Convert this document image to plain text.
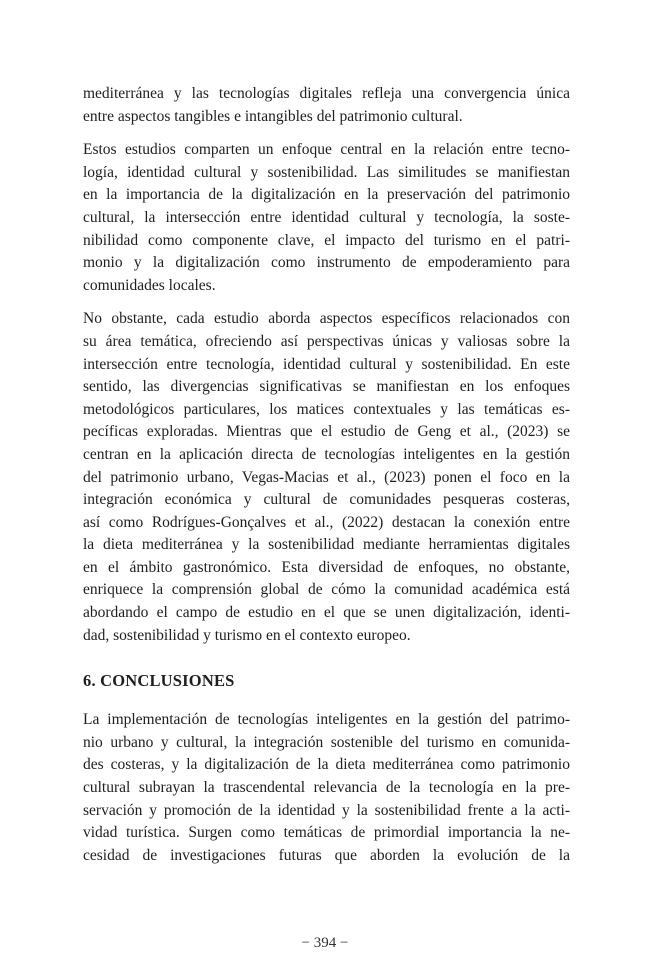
mediterránea y las tecnologías digitales refleja una convergencia única
entre aspectos tangibles e intangibles del patrimonio cultural.

Estos estudios comparten un enfoque central en la relación entre tecno-
logía, identidad cultural y sostenibilidad. Las similitudes se manifiestan
en la importancia de la digitalización en la preservación del patrimonio
cultural, la intersección entre identidad cultural y tecnología, la soste-
nibilidad como componente clave, el impacto del turismo en el patri-
monio y la digitalización como instrumento de empoderamiento para
comunidades locales.

No obstante, cada estudio aborda aspectos específicos relacionados con
su área temática, ofreciendo así perspectivas únicas y valiosas sobre la
intersección entre tecnología, identidad cultural y sostenibilidad. En este
sentido, las divergencias significativas se manifiestan en los enfoques
metodológicos particulares, los matices contextuales y las temáticas es-
pecíficas exploradas. Mientras que el estudio de Geng et al., (2023) se
centran en la aplicación directa de tecnologías inteligentes en la gestión
del patrimonio urbano, Vegas-Macias et al., (2023) ponen el foco en la
integración económica y cultural de comunidades pesqueras costeras,
así como Rodrígues-Gonçalves et al., (2022) destacan la conexión entre
la dieta mediterránea y la sostenibilidad mediante herramientas digitales
en el ámbito gastronómico. Esta diversidad de enfoques, no obstante,
enriquece la comprensión global de cómo la comunidad académica está
abordando el campo de estudio en el que se unen digitalización, identi-
dad, sostenibilidad y turismo en el contexto europeo.

6. CONCLUSIONES

La implementación de tecnologías inteligentes en la gestión del patrimo-
nio urbano y cultural, la integración sostenible del turismo en comunida-
des costeras, y la digitalización de la dieta mediterránea como patrimonio
cultural subrayan la trascendental relevancia de la tecnología en la pre-
servación y promoción de la identidad y la sostenibilidad frente a la acti-
vidad turística. Surgen como temáticas de primordial importancia la ne-
cesidad de investigaciones futuras que aborden la evolución de la

− 394 −
